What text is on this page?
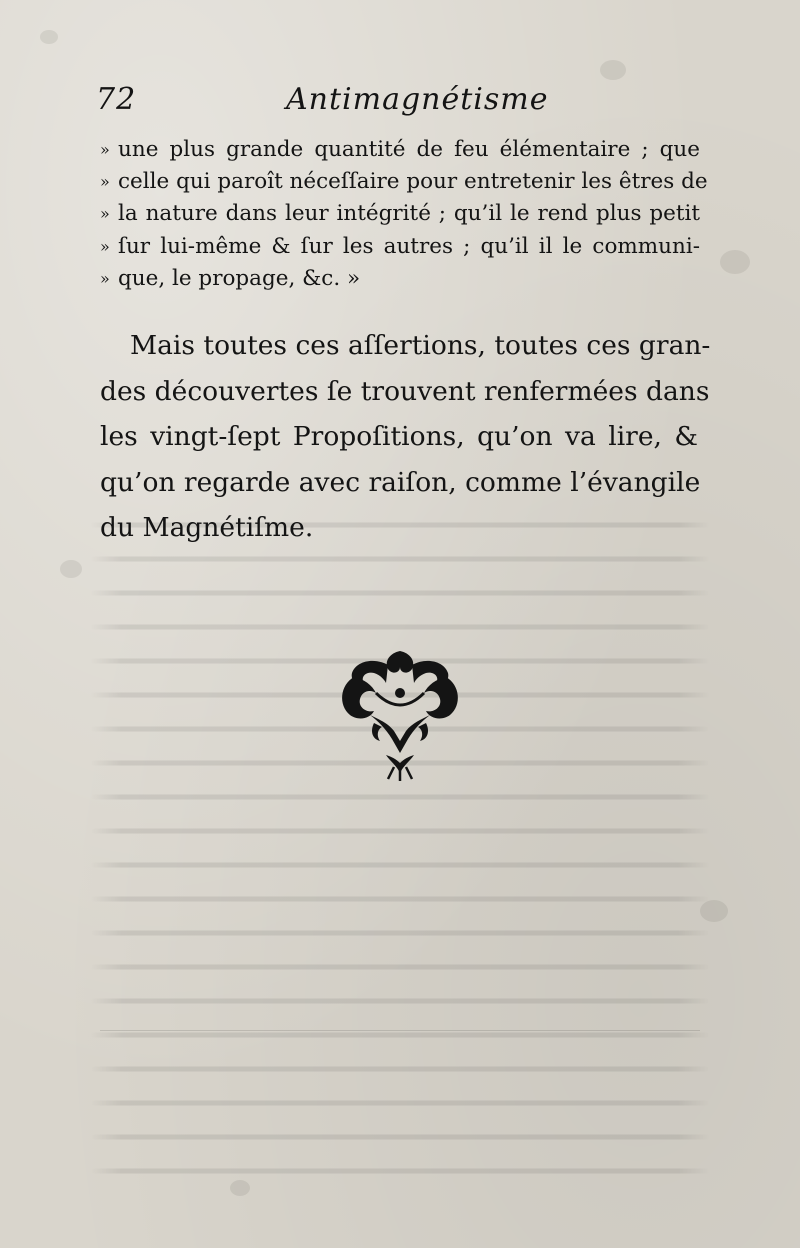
72	Antimagnétisme
» une plus grande quantité de feu élémentaire ; que
» celle qui paroît néceſſaire pour entretenir les êtres de
» la nature dans leur intégrité ; qu’il le rend plus petit
» ſur lui-même & ſur les autres ; qu’il il le communi-
» que, le propage, &c. »
Mais toutes ces aſſertions, toutes ces gran-
des découvertes ſe trouvent renfermées dans
les vingt-ſept Propoſitions, qu’on va lire, &
qu’on regarde avec raiſon, comme l’évangile
du Magnétiſme.
